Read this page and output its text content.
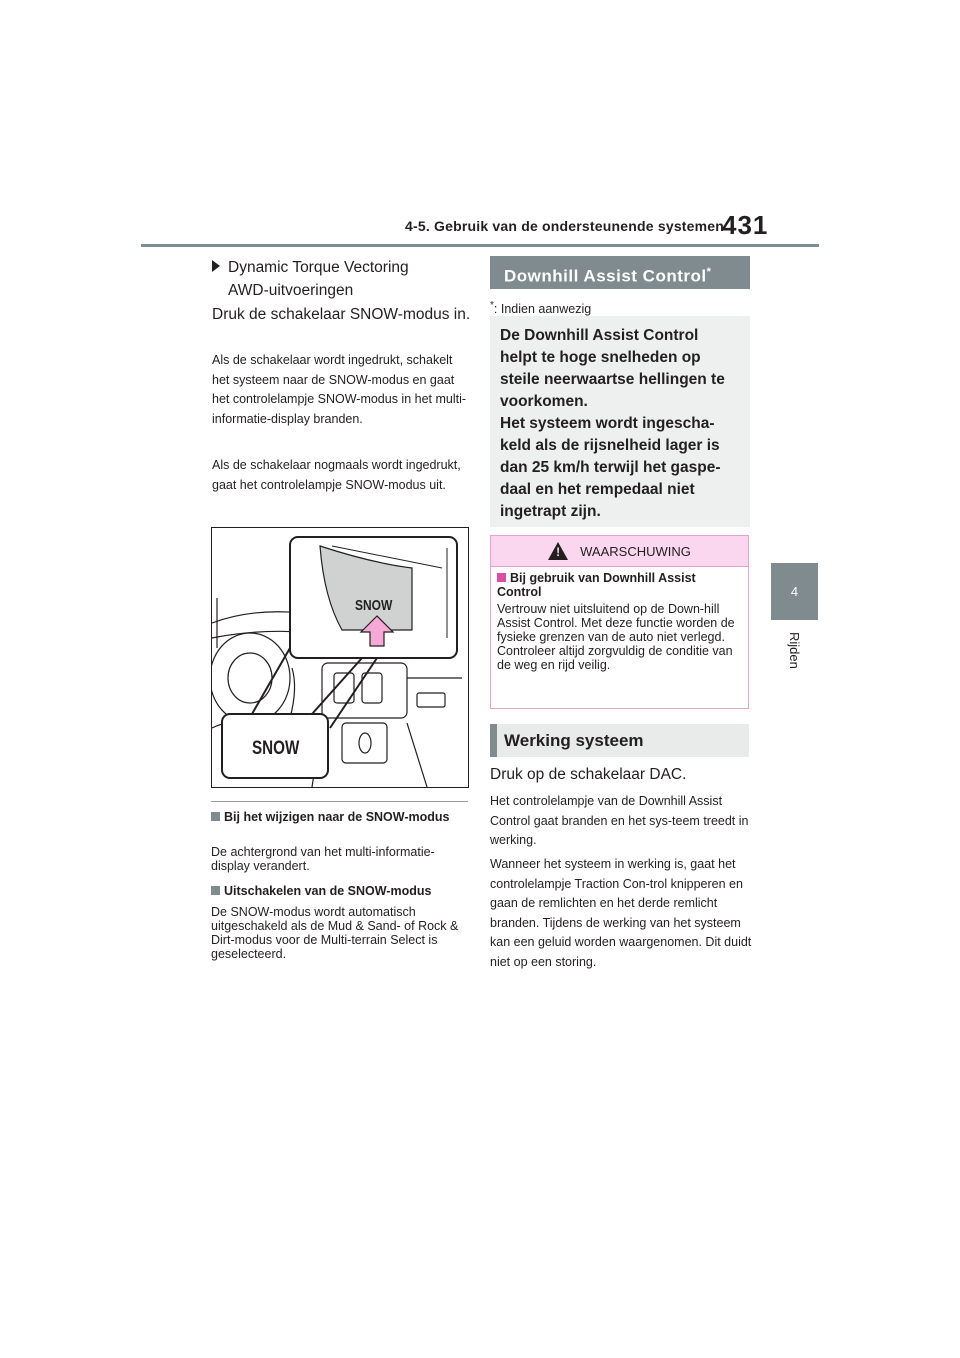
4-5. Gebruik van de ondersteunende systemen
431
4
Rijden
Dynamic Torque Vectoring
AWD-uitvoeringen
Druk de schakelaar SNOW-modus in.
Als de schakelaar wordt ingedrukt, schakelt het systeem naar de SNOW-modus en gaat het controlelampje SNOW-modus in het multi-informatie-display branden.
Als de schakelaar nogmaals wordt ingedrukt, gaat het controlelampje SNOW-modus uit.
SNOW
SNOW
Bij het wijzigen naar de SNOW-modus
De achtergrond van het multi-informatie-display verandert.
Uitschakelen van de SNOW-modus
De SNOW-modus wordt automatisch uitgeschakeld als de Mud & Sand- of Rock & Dirt-modus voor de Multi-terrain Select is geselecteerd.
Downhill Assist Control*
*: Indien aanwezig
De Downhill Assist Control helpt te hoge snelheden op steile neerwaartse hellingen te voorkomen.
Het systeem wordt ingescha-keld als de rijsnelheid lager is dan 25 km/h terwijl het gaspe-daal en het rempedaal niet ingetrapt zijn.
!
WAARSCHUWING
Bij gebruik van Downhill Assist Control
Vertrouw niet uitsluitend op de Down-hill Assist Control. Met deze functie worden de fysieke grenzen van de auto niet verlegd. Controleer altijd zorgvuldig de conditie van de weg en rijd veilig.
Werking systeem
Druk op de schakelaar DAC.
Het controlelampje van de Downhill Assist Control gaat branden en het sys-teem treedt in werking.
Wanneer het systeem in werking is, gaat het controlelampje Traction Con-trol knipperen en gaan de remlichten en het derde remlicht branden. Tijdens de werking van het systeem kan een geluid worden waargenomen. Dit duidt niet op een storing.
